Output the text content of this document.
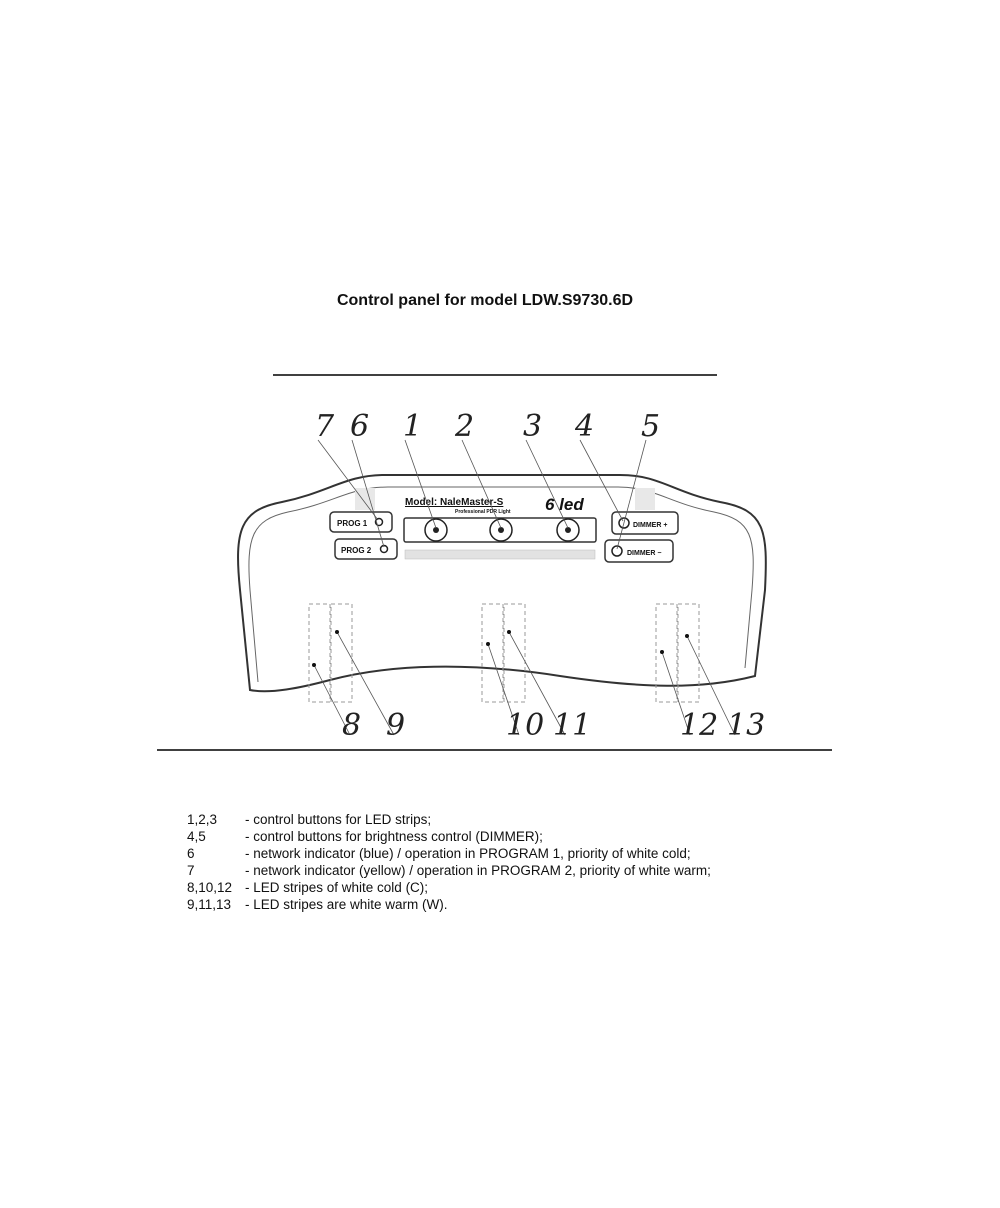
Control panel for model LDW.S9730.6D
Model: NaleMaster-S
Professional PDR Light 6 led
PROG 1
PROG 2
DIMMER +
DIMMER −
7 6 1 2 3 4 5
8 9	10 11	12 13
1,2,3	- control buttons for LED strips;
4,5	- control buttons for brightness control (DIMMER);
6	- network indicator (blue) / operation in PROGRAM 1, priority of white cold;
7	- network indicator (yellow) / operation in PROGRAM 2, priority of white warm;
8,10,12 - LED stripes of white cold (C);
9,11,13	- LED stripes are white warm (W).
